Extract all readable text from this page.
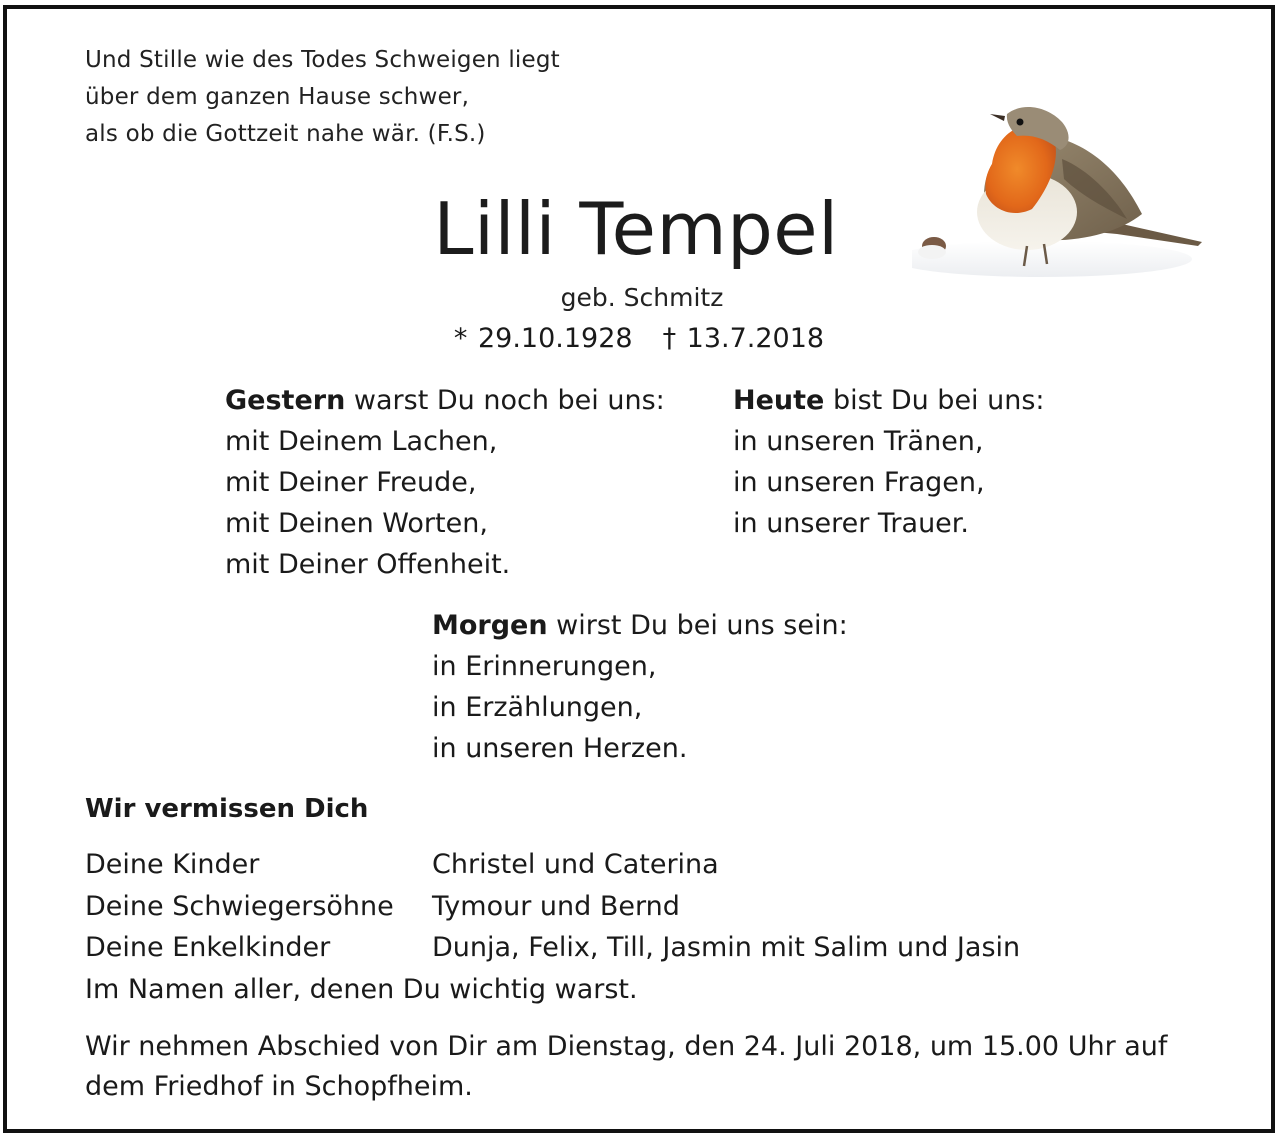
Und Stille wie des Todes Schweigen liegt
über dem ganzen Hause schwer,
als ob die Gottzeit nahe wär. (F.S.)
Lilli Tempel
geb. Schmitz
* 29.10.1928 † 13.7.2018
Gestern warst Du noch bei uns:
mit Deinem Lachen,
mit Deiner Freude,
mit Deinen Worten,
mit Deiner Offenheit.
Heute bist Du bei uns:
in unseren Tränen,
in unseren Fragen,
in unserer Trauer.
Morgen wirst Du bei uns sein:
in Erinnerungen,
in Erzählungen,
in unseren Herzen.
Wir vermissen Dich
Deine Kinder	Christel und Caterina
Deine Schwiegersöhne Tymour und Bernd
Deine Enkelkinder	Dunja, Felix, Till, Jasmin mit Salim und Jasin
Im Namen aller, denen Du wichtig warst.
Wir nehmen Abschied von Dir am Dienstag, den 24. Juli 2018, um 15.00 Uhr auf dem Friedhof in Schopfheim.
